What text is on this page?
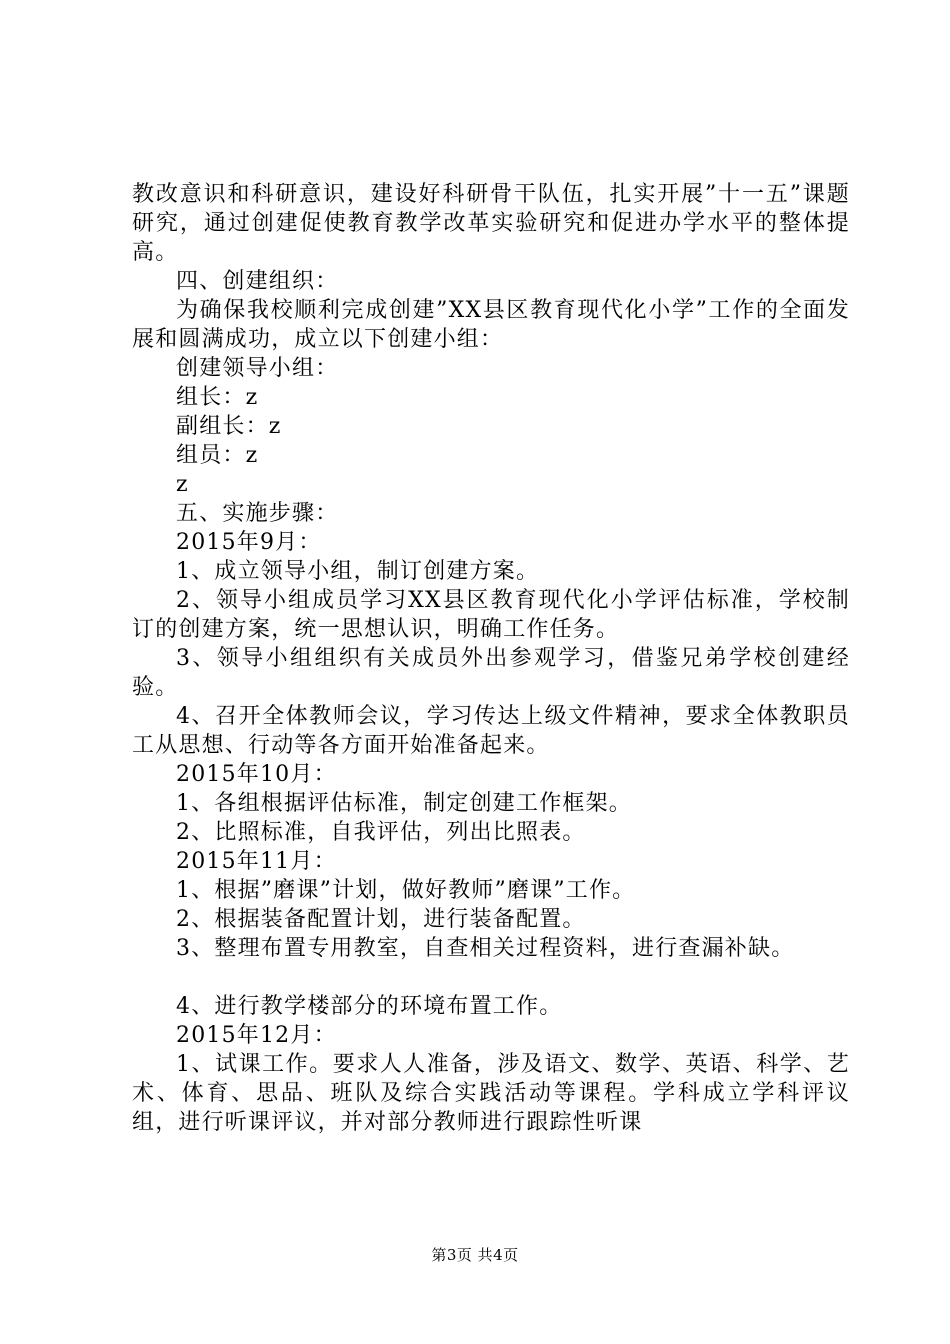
教改意识和科研意识，建设好科研骨干队伍，扎实开展”十一五”课题研究，通过创建促使教育教学改革实验研究和促进办学水平的整体提高。

四、创建组织：

为确保我校顺利完成创建”XX县区教育现代化小学”工作的全面发展和圆满成功，成立以下创建小组：

创建领导小组：

组长：z

副组长：z

组员：z

z

五、实施步骤：

2015年9月：

1、成立领导小组，制订创建方案。

2、领导小组成员学习XX县区教育现代化小学评估标准，学校制订的创建方案，统一思想认识，明确工作任务。

3、领导小组组织有关成员外出参观学习，借鉴兄弟学校创建经验。

4、召开全体教师会议，学习传达上级文件精神，要求全体教职员工从思想、行动等各方面开始准备起来。

2015年10月：

1、各组根据评估标准，制定创建工作框架。

2、比照标准，自我评估，列出比照表。

2015年11月：

1、根据”磨课”计划，做好教师”磨课”工作。

2、根据装备配置计划，进行装备配置。

3、整理布置专用教室，自查相关过程资料，进行查漏补缺。

4、进行教学楼部分的环境布置工作。

2015年12月：

1、试课工作。要求人人准备，涉及语文、数学、英语、科学、艺术、体育、思品、班队及综合实践活动等课程。学科成立学科评议组，进行听课评议，并对部分教师进行跟踪性听课

第3页 共4页
